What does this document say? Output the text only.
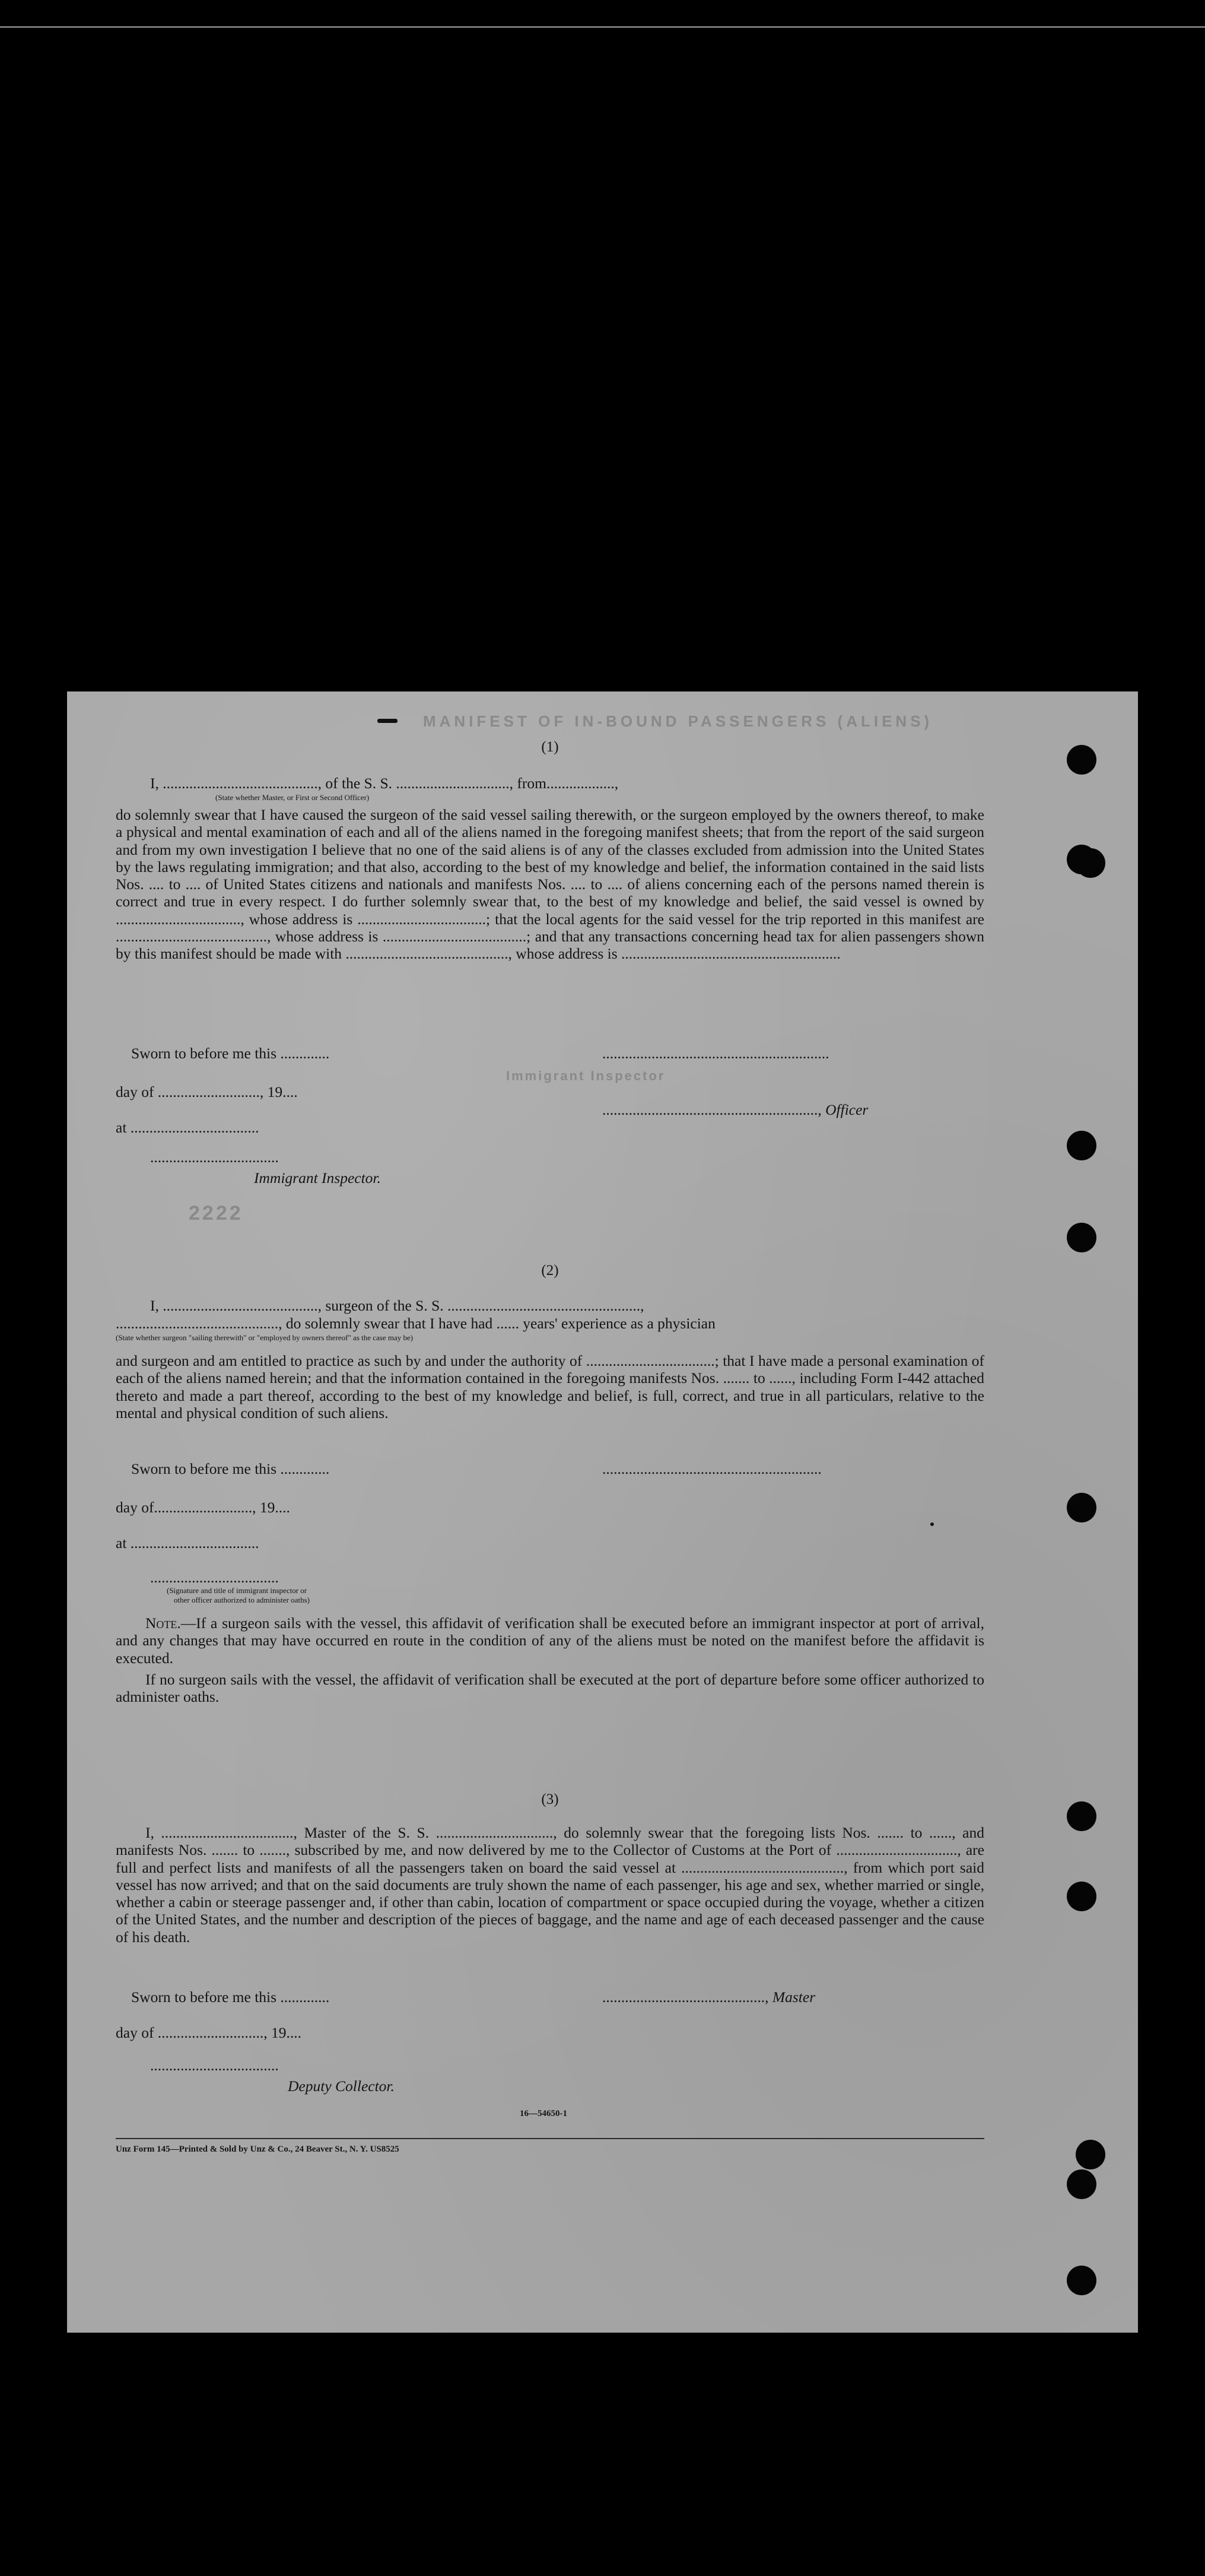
MANIFEST OF IN-BOUND PASSENGERS (ALIENS)
Immigrant Inspector
2222
(1)
I, ........................................., of the S. S. .............................., from..................,
(State whether Master, or First or Second Officer)
do solemnly swear that I have caused the surgeon of the said vessel sailing therewith, or the surgeon employed by the owners thereof, to make a physical and mental examination of each and all of the aliens named in the foregoing manifest sheets; that from the report of the said surgeon and from my own investigation I believe that no one of the said aliens is of any of the classes excluded from admission into the United States by the laws regulating immigration; and that also, according to the best of my knowledge and belief, the information contained in the said lists Nos. .... to .... of United States citizens and nationals and manifests Nos. .... to .... of aliens concerning each of the persons named therein is correct and true in every respect. I do further solemnly swear that, to the best of my knowledge and belief, the said vessel is owned by ................................., whose address is ..................................; that the local agents for the said vessel for the trip reported in this manifest are ........................................, whose address is ......................................; and that any transactions concerning head tax for alien passengers shown by this manifest should be made with ..........................................., whose address is ..........................................................
Sworn to before me this .............	............................................................
day of ..........................., 19....
........................................................., Officer
at ..................................
..................................
Immigrant Inspector.
(2)
I, ........................................., surgeon of the S. S. ...................................................,
..........................................., do solemnly swear that I have had ...... years' experience as a physician
(State whether surgeon "sailing therewith" or "employed by owners thereof" as the case may be)
and surgeon and am entitled to practice as such by and under the authority of ..................................; that I have made a personal examination of each of the aliens named herein; and that the information contained in the foregoing manifests Nos. ....... to ......, including Form I-442 attached thereto and made a part thereof, according to the best of my knowledge and belief, is full, correct, and true in all particulars, relative to the mental and physical condition of such aliens.
Sworn to before me this .............	..........................................................
day of.........................., 19....
at ..................................
..................................
(Signature and title of immigrant inspector or
other officer authorized to administer oaths)
Note.—If a surgeon sails with the vessel, this affidavit of verification shall be executed before an immigrant inspector at port of arrival, and any changes that may have occurred en route in the condition of any of the aliens must be noted on the manifest before the affidavit is executed.
If no surgeon sails with the vessel, the affidavit of verification shall be executed at the port of departure before some officer authorized to administer oaths.
(3)
I, ..................................., Master of the S. S. ..............................., do solemnly swear that the foregoing lists Nos. ....... to ......, and manifests Nos. ....... to ......., subscribed by me, and now delivered by me to the Collector of Customs at the Port of ................................, are full and perfect lists and manifests of all the passengers taken on board the said vessel at ..........................................., from which port said vessel has now arrived; and that on the said documents are truly shown the name of each passenger, his age and sex, whether married or single, whether a cabin or steerage passenger and, if other than cabin, location of compartment or space occupied during the voyage, whether a citizen of the United States, and the number and description of the pieces of baggage, and the name and age of each deceased passenger and the cause of his death.
Sworn to before me this .............	..........................................., Master
day of ............................, 19....
..................................
Deputy Collector.
16—54650-1
Unz Form 145—Printed & Sold by Unz & Co., 24 Beaver St., N. Y. US8525
